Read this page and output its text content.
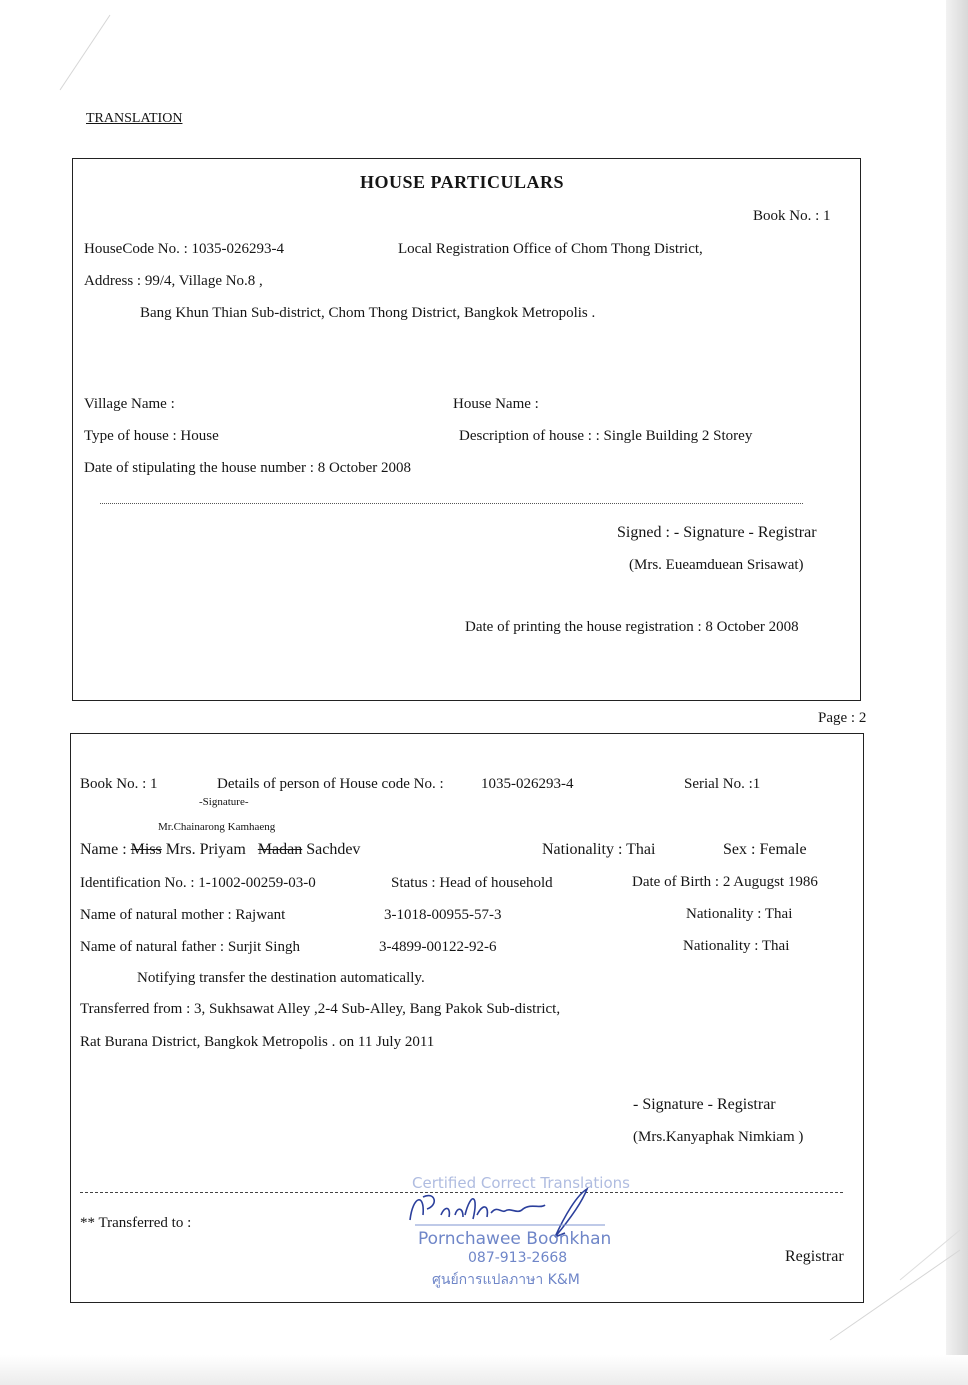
TRANSLATION
HOUSE PARTICULARS
Book No. : 1
HouseCode No. : 1035-026293-4	Local Registration Office of Chom Thong District,
Address : 99/4, Village No.8 ,
Bang Khun Thian Sub-district, Chom Thong District, Bangkok Metropolis .
Village Name :	House Name :
Type of house : House	Description of house : : Single Building 2 Storey
Date of stipulating the house number : 8 October 2008
Signed : - Signature - Registrar
(Mrs. Eueamduean Srisawat)
Date of printing the house registration : 8 October 2008
Page : 2
Book No. : 1	Details of person of House code No. : 1035-026293-4	Serial No. :1
-Signature-
Mr.Chainarong Kamhaeng
Name : Miss Mrs. Priyam Madan Sachdev	Nationality : Thai	Sex : Female
Identification No. : 1-1002-00259-03-0	Status : Head of household	Date of Birth : 2 Augugst 1986
Name of natural mother : Rajwant	3-1018-00955-57-3	Nationality : Thai
Name of natural father : Surjit Singh	3-4899-00122-92-6	Nationality : Thai
Notifying transfer the destination automatically.
Transferred from : 3, Sukhsawat Alley ,2-4 Sub-Alley, Bang Pakok Sub-district,
Rat Burana District, Bangkok Metropolis . on 11 July 2011
- Signature - Registrar
(Mrs.Kanyaphak Nimkiam )
** Transferred to :
Registrar
Certified Correct Translations
Pornchawee Boonkhan
087-913-2668
ศูนย์การแปลภาษา K&M
